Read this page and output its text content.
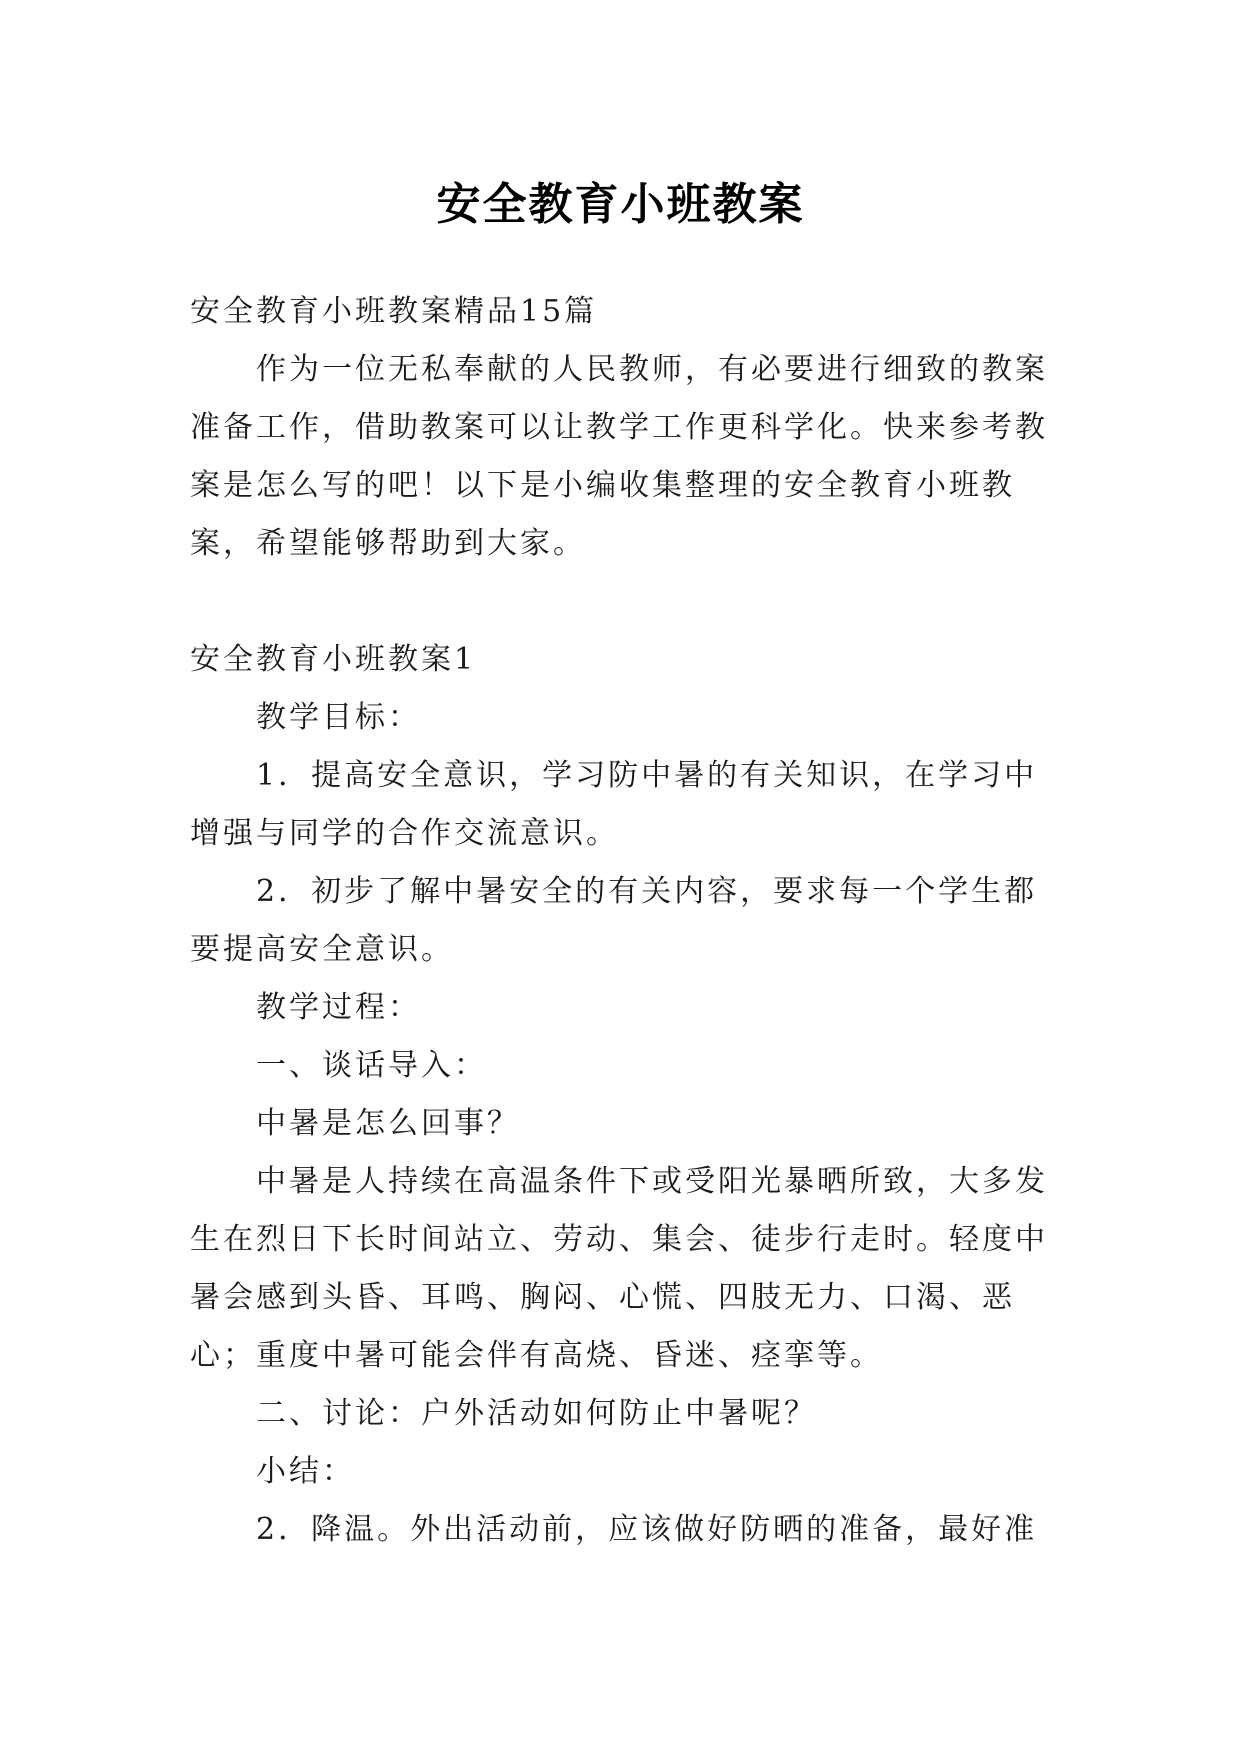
安全教育小班教案

安全教育小班教案精品15篇

作为一位无私奉献的人民教师，有必要进行细致的教案准备工作，借助教案可以让教学工作更科学化。快来参考教案是怎么写的吧！以下是小编收集整理的安全教育小班教案，希望能够帮助到大家。

安全教育小班教案1

教学目标：

1．提高安全意识，学习防中暑的有关知识，在学习中增强与同学的合作交流意识。

2．初步了解中暑安全的有关内容，要求每一个学生都要提高安全意识。

教学过程：

一、谈话导入：

中暑是怎么回事？

中暑是人持续在高温条件下或受阳光暴晒所致，大多发生在烈日下长时间站立、劳动、集会、徒步行走时。轻度中暑会感到头昏、耳鸣、胸闷、心慌、四肢无力、口渴、恶心；重度中暑可能会伴有高烧、昏迷、痉挛等。

二、讨论：户外活动如何防止中暑呢？

小结：

2．降温。外出活动前，应该做好防晒的准备，最好准
